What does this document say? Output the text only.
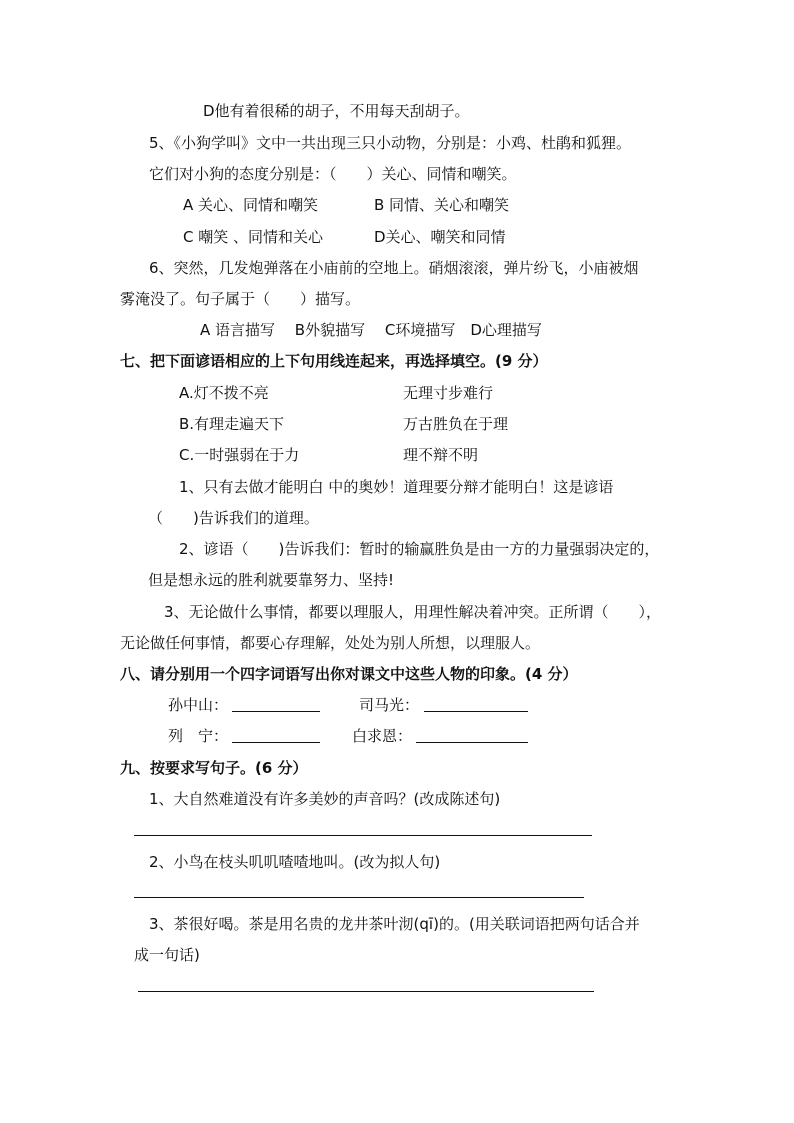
D他有着很稀的胡子，不用每天刮胡子。
5、《小狗学叫》文中一共出现三只小动物，分别是：小鸡、杜鹃和狐狸。
它们对小狗的态度分别是：（　　）关心、同情和嘲笑。
A 关心、同情和嘲笑	B 同情、关心和嘲笑
C 嘲笑 、同情和关心	D关心、嘲笑和同情
6、突然，几发炮弹落在小庙前的空地上。硝烟滚滚，弹片纷飞，小庙被烟
雾淹没了。句子属于（　　）描写。
A 语言描写　 B外貌描写　 C环境描写　D心理描写
七、把下面谚语相应的上下句用线连起来，再选择填空。(9 分）
A.灯不拨不亮	无理寸步难行
B.有理走遍天下	万古胜负在于理
C.一时强弱在于力	理不辩不明
1、只有去做才能明白 中的奥妙！道理要分辩才能明白！这是谚语
（　　)告诉我们的道理。
2、谚语（　　)告诉我们：暂时的输赢胜负是由一方的力量强弱决定的，
但是想永远的胜利就要靠努力、坚持!
3、无论做什么事情，都要以理服人，用理性解决着冲突。正所谓（　　），
无论做任何事情，都要心存理解，处处为别人所想，以理服人。
八、请分别用一个四字词语写出你对课文中这些人物的印象。(4 分）
孙中山：	司马光：
列　宁：	白求恩：
九、按要求写句子。(6 分）
1、大自然难道没有许多美妙的声音吗？(改成陈述句)
2、小鸟在枝头叽叽喳喳地叫。(改为拟人句)
3、茶很好喝。茶是用名贵的龙井茶叶沏(qī)的。(用关联词语把两句话合并
成一句话)
